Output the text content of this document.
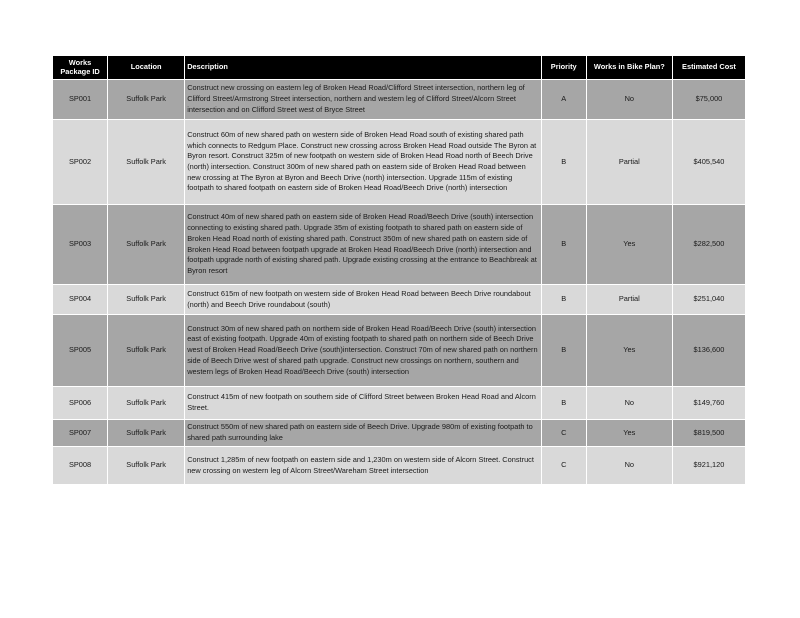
Works Package ID	Location	Description	Priority	Works in Bike Plan?	Estimated Cost
SP001	Suffolk Park	Construct new crossing on eastern leg of Broken Head Road/Clifford Street intersection, northern leg of Clifford Street/Armstrong Street intersection, northern and western leg of Clifford Street/Alcorn Street intersection and on Clifford Street west of Bryce Street	A	No	$75,000
SP002	Suffolk Park	Construct 60m of new shared path on western side of Broken Head Road south of existing shared path which connects to Redgum Place. Construct new crossing across Broken Head Road outside The Byron at Byron resort. Construct 325m of new footpath on western side of Broken Head Road north of Beech Drive (north) intersection. Construct 300m of new shared path on eastern side of Broken Head Road between new crossing at The Byron at Byron and Beech Drive (north) intersection. Upgrade 115m of existing footpath to shared footpath on eastern side of Broken Head Road/Beech Drive (north) intersection	B	Partial	$405,540
SP003	Suffolk Park	Construct 40m of new shared path on eastern side of Broken Head Road/Beech Drive (south) intersection connecting to existing shared path. Upgrade 35m of existing footpath to shared path on eastern side of Broken Head Road north of existing shared path. Construct 350m of new shared path on eastern side of Broken Head Road between footpath upgrade at Broken Head Road/Beech Drive (north) intersection and footpath upgrade north of existing shared path. Upgrade existing crossing at the entrance to Beachbreak at Byron resort	B	Yes	$282,500
SP004	Suffolk Park	Construct 615m of new footpath on western side of Broken Head Road between Beech Drive roundabout (north) and Beech Drive roundabout (south)	B	Partial	$251,040
SP005	Suffolk Park	Construct 30m of new shared path on northern side of Broken Head Road/Beech Drive (south) intersection east of existing footpath. Upgrade 40m of existing footpath to shared path on northern side of Beech Drive west of Broken Head Road/Beech Drive (south)intersection. Construct 70m of new shared path on northern side of Beech Drive west of shared path upgrade. Construct new crossings on northern, southern and western legs of Broken Head Road/Beech Drive (south) intersection	B	Yes	$136,600
SP006	Suffolk Park	Construct 415m of new footpath on southern side of Clifford Street between Broken Head Road and Alcorn Street.	B	No	$149,760
SP007	Suffolk Park	Construct 550m of new shared path on eastern side of Beech Drive. Upgrade 980m of existing footpath to shared path surrounding lake	C	Yes	$819,500
SP008	Suffolk Park	Construct 1,285m of new footpath on eastern side and 1,230m on western side of Alcorn Street. Construct new crossing on western leg of Alcorn Street/Wareham Street intersection	C	No	$921,120
